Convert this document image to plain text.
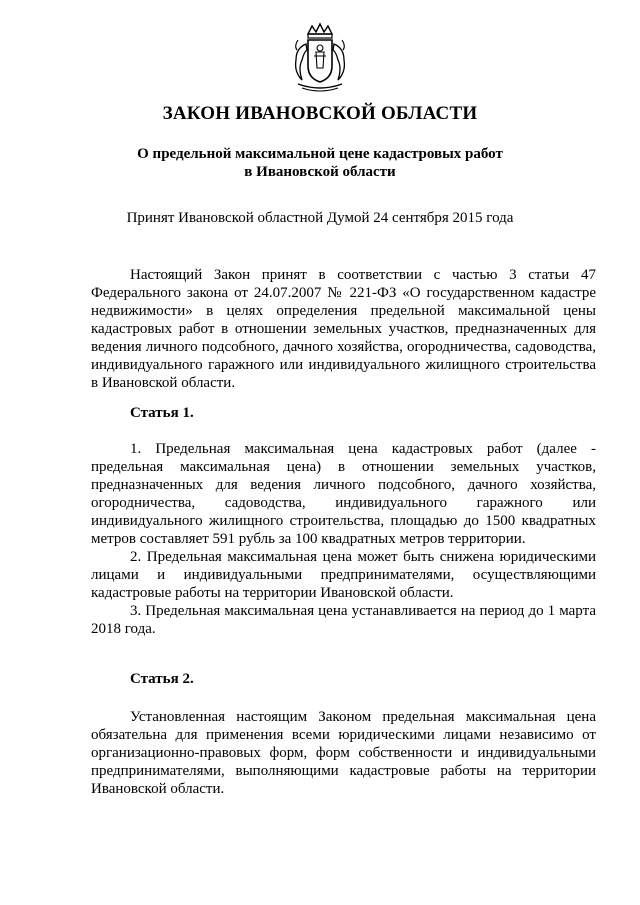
ЗАКОН ИВАНОВСКОЙ ОБЛАСТИ
О предельной максимальной цене кадастровых работ
в Ивановской области
Принят Ивановской областной Думой 24 сентября 2015 года

Настоящий Закон принят в соответствии с частью 3 статьи 47 Федерального закона от 24.07.2007 № 221-ФЗ «О государственном кадастре недвижимости» в целях определения предельной максимальной цены кадастровых работ в отношении земельных участков, предназначенных для ведения личного подсобного, дачного хозяйства, огородничества, садоводства, индивидуального гаражного или индивидуального жилищного строительства в Ивановской области.

Статья 1.

1. Предельная максимальная цена кадастровых работ (далее - предельная максимальная цена) в отношении земельных участков, предназначенных для ведения личного подсобного, дачного хозяйства, огородничества, садоводства, индивидуального гаражного или индивидуального жилищного строительства, площадью до 1500 квадратных метров составляет 591 рубль за 100 квадратных метров территории.

2. Предельная максимальная цена может быть снижена юридическими лицами и индивидуальными предпринимателями, осуществляющими кадастровые работы на территории Ивановской области.

3. Предельная максимальная цена устанавливается на период до 1 марта 2018 года.

Статья 2.

Установленная настоящим Законом предельная максимальная цена обязательна для применения всеми юридическими лицами независимо от организационно-правовых форм, форм собственности и индивидуальными предпринимателями, выполняющими кадастровые работы на территории Ивановской области.
